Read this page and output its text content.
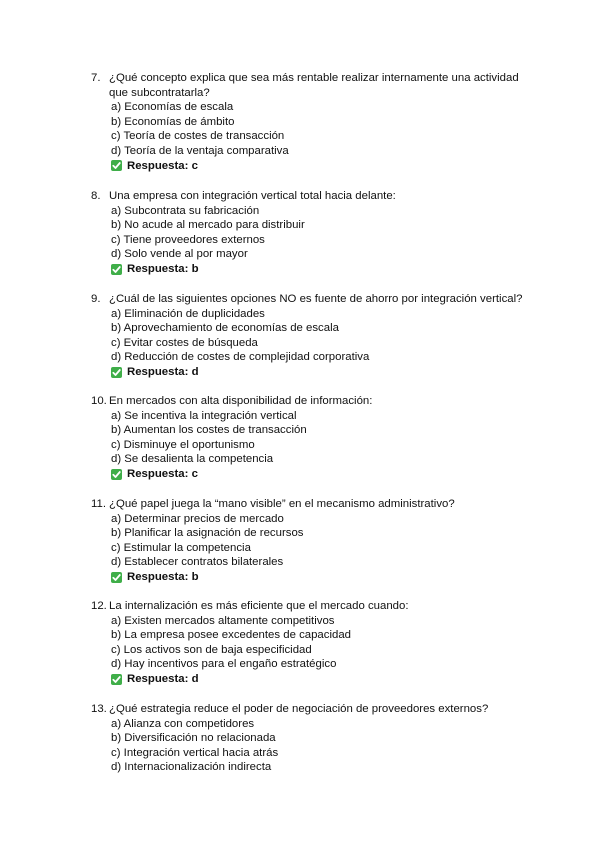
7. ¿Qué concepto explica que sea más rentable realizar internamente una actividad que subcontratarla?
a) Economías de escala
b) Economías de ámbito
c) Teoría de costes de transacción
d) Teoría de la ventaja comparativa
Respuesta: c
8. Una empresa con integración vertical total hacia delante:
a) Subcontrata su fabricación
b) No acude al mercado para distribuir
c) Tiene proveedores externos
d) Solo vende al por mayor
Respuesta: b
9. ¿Cuál de las siguientes opciones NO es fuente de ahorro por integración vertical?
a) Eliminación de duplicidades
b) Aprovechamiento de economías de escala
c) Evitar costes de búsqueda
d) Reducción de costes de complejidad corporativa
Respuesta: d
10. En mercados con alta disponibilidad de información:
a) Se incentiva la integración vertical
b) Aumentan los costes de transacción
c) Disminuye el oportunismo
d) Se desalienta la competencia
Respuesta: c
11. ¿Qué papel juega la “mano visible” en el mecanismo administrativo?
a) Determinar precios de mercado
b) Planificar la asignación de recursos
c) Estimular la competencia
d) Establecer contratos bilaterales
Respuesta: b
12. La internalización es más eficiente que el mercado cuando:
a) Existen mercados altamente competitivos
b) La empresa posee excedentes de capacidad
c) Los activos son de baja especificidad
d) Hay incentivos para el engaño estratégico
Respuesta: d
13. ¿Qué estrategia reduce el poder de negociación de proveedores externos?
a) Alianza con competidores
b) Diversificación no relacionada
c) Integración vertical hacia atrás
d) Internacionalización indirecta
